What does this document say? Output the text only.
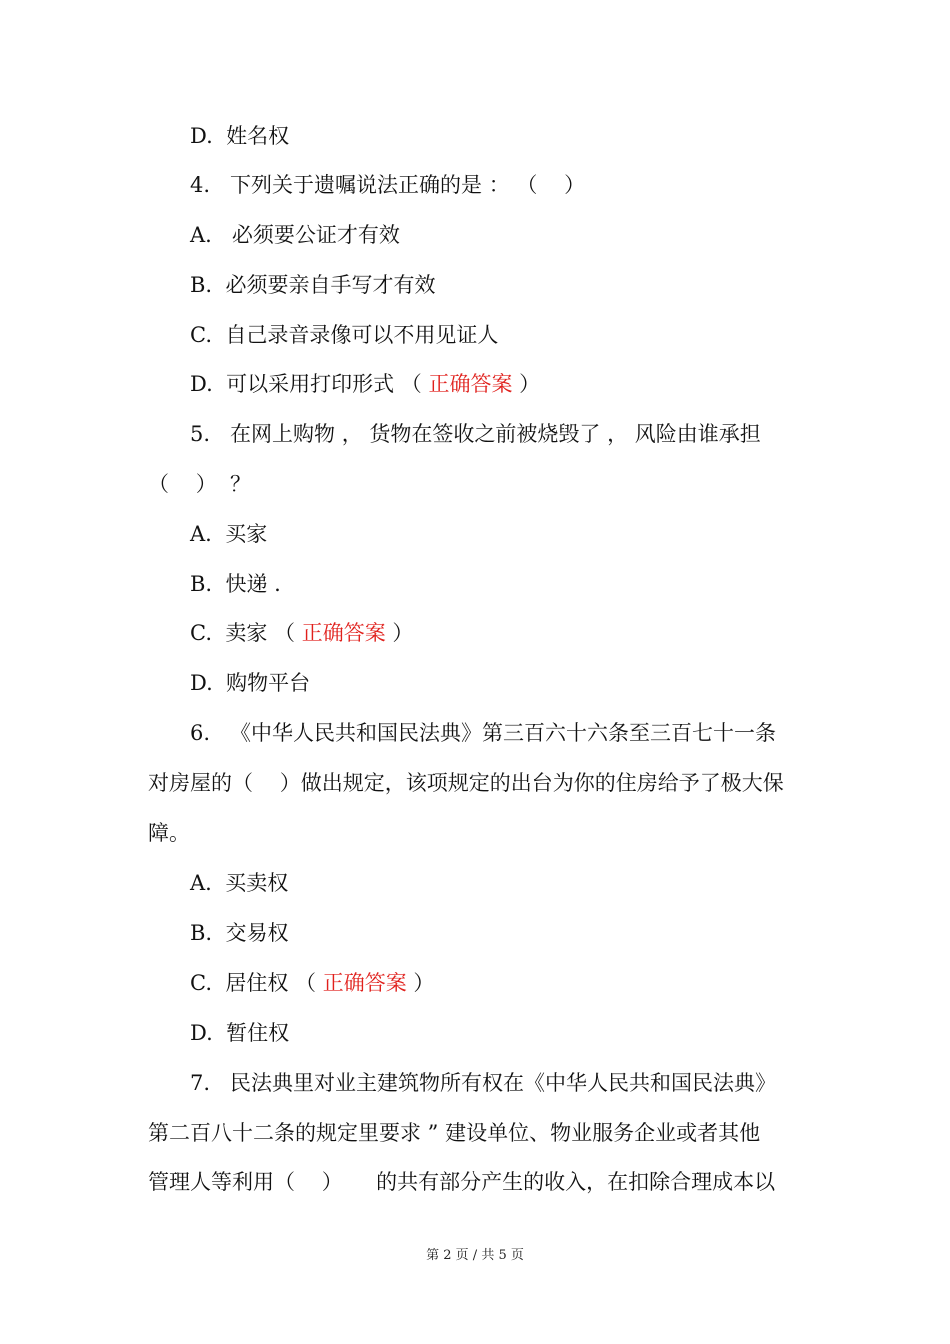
D.  姓名权
4.   下列关于遗嘱说法正确的是 ： （    ）
A.   必须要公证才有效
B.  必须要亲自手写才有效
C.  自己录音录像可以不用见证人
D.  可以采用打印形式 （ 正确答案 ）
5.   在网上购物 ， 货物在签收之前被烧毁了 ， 风险由谁承担
（    ）  ？
A.  买家
B.  快递 .
C.  卖家 （ 正确答案 ）
D.  购物平台
6.   《中华人民共和国民法典》第三百六十六条至三百七十一条
对房屋的（    ）做出规定，该项规定的出台为你的住房给予了极大保
障。
A.  买卖权
B.  交易权
C.  居住权 （ 正确答案 ）
D.  暂住权
7.   民法典里对业主建筑物所有权在《中华人民共和国民法典》
第二百八十二条的规定里要求 ” 建设单位、物业服务企业或者其他
管理人等利用（    ）     的共有部分产生的收入，在扣除合理成本以
第 2 页 / 共 5 页
